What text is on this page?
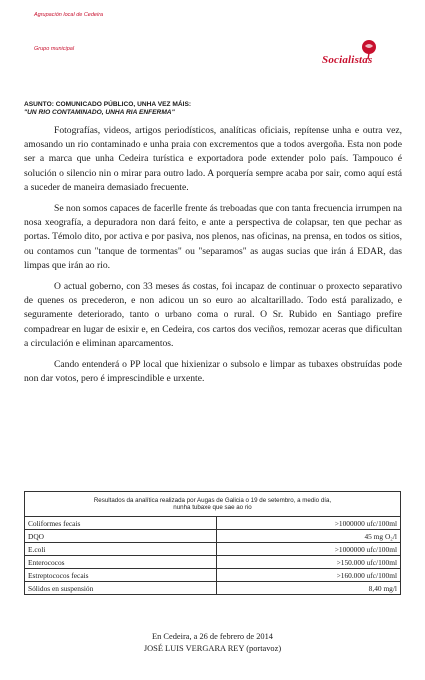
Agrupación local de Cedeira
Grupo municipal
Socialistas
ASUNTO: COMUNICADO PÚBLICO, UNHA VEZ MÁIS:
"UN RIO CONTAMINADO, UNHA RIA ENFERMA"

Fotografías, videos, artigos periodísticos, analíticas oficiais, repítense unha e outra vez, amosando un rio contaminado e unha praia con excrementos que a todos avergoña. Esta non pode ser a marca que unha Cedeira turística e exportadora pode extender polo país. Tampouco é solución o silencio nin o mirar para outro lado. A porquería sempre acaba por sair, como aquí está a suceder de maneira demasiado frecuente.

Se non somos capaces de facerlle frente ás treboadas que con tanta frecuencia irrumpen na nosa xeografía, a depuradora non dará feito, e ante a perspectiva de colapsar, ten que pechar as portas. Témolo dito, por activa e por pasiva, nos plenos, nas oficinas, na prensa, en todos os sitios, ou contamos cun "tanque de tormentas" ou "separamos" as augas sucias que irán á EDAR, das limpas que irán ao rio.

O actual goberno, con 33 meses ás costas, foi incapaz de continuar o proxecto separativo de quenes os precederon, e non adicou un so euro ao alcaltarillado. Todo está paralizado, e seguramente deteriorado, tanto o urbano coma o rural. O Sr. Rubido en Santiago prefire compadrear en lugar de esixir e, en Cedeira, cos cartos dos veciños, remozar aceras que dificultan a circulación e eliminan aparcamentos.

Cando entenderá o PP local que hixienizar o subsolo e limpar as tubaxes obstruídas pode non dar votos, pero é imprescindible e urxente.

Resultados da analítica realizada por Augas de Galicia o 19 de setembro, a medio día,
nunha tubaxe que sae ao rio	

Coliformes fecais	>1000000 ufc/100ml
DQO	45 mg O₂/l
E.coli	>1000000 ufc/100ml
Enterococos	>150.000 ufc/100ml
Estreptococos fecais	>160.000 ufc/100ml
Sólidos en suspensión	8,40 mg/l
En Cedeira, a 26 de febrero de 2014
JOSÉ LUIS VERGARA REY (portavoz)
